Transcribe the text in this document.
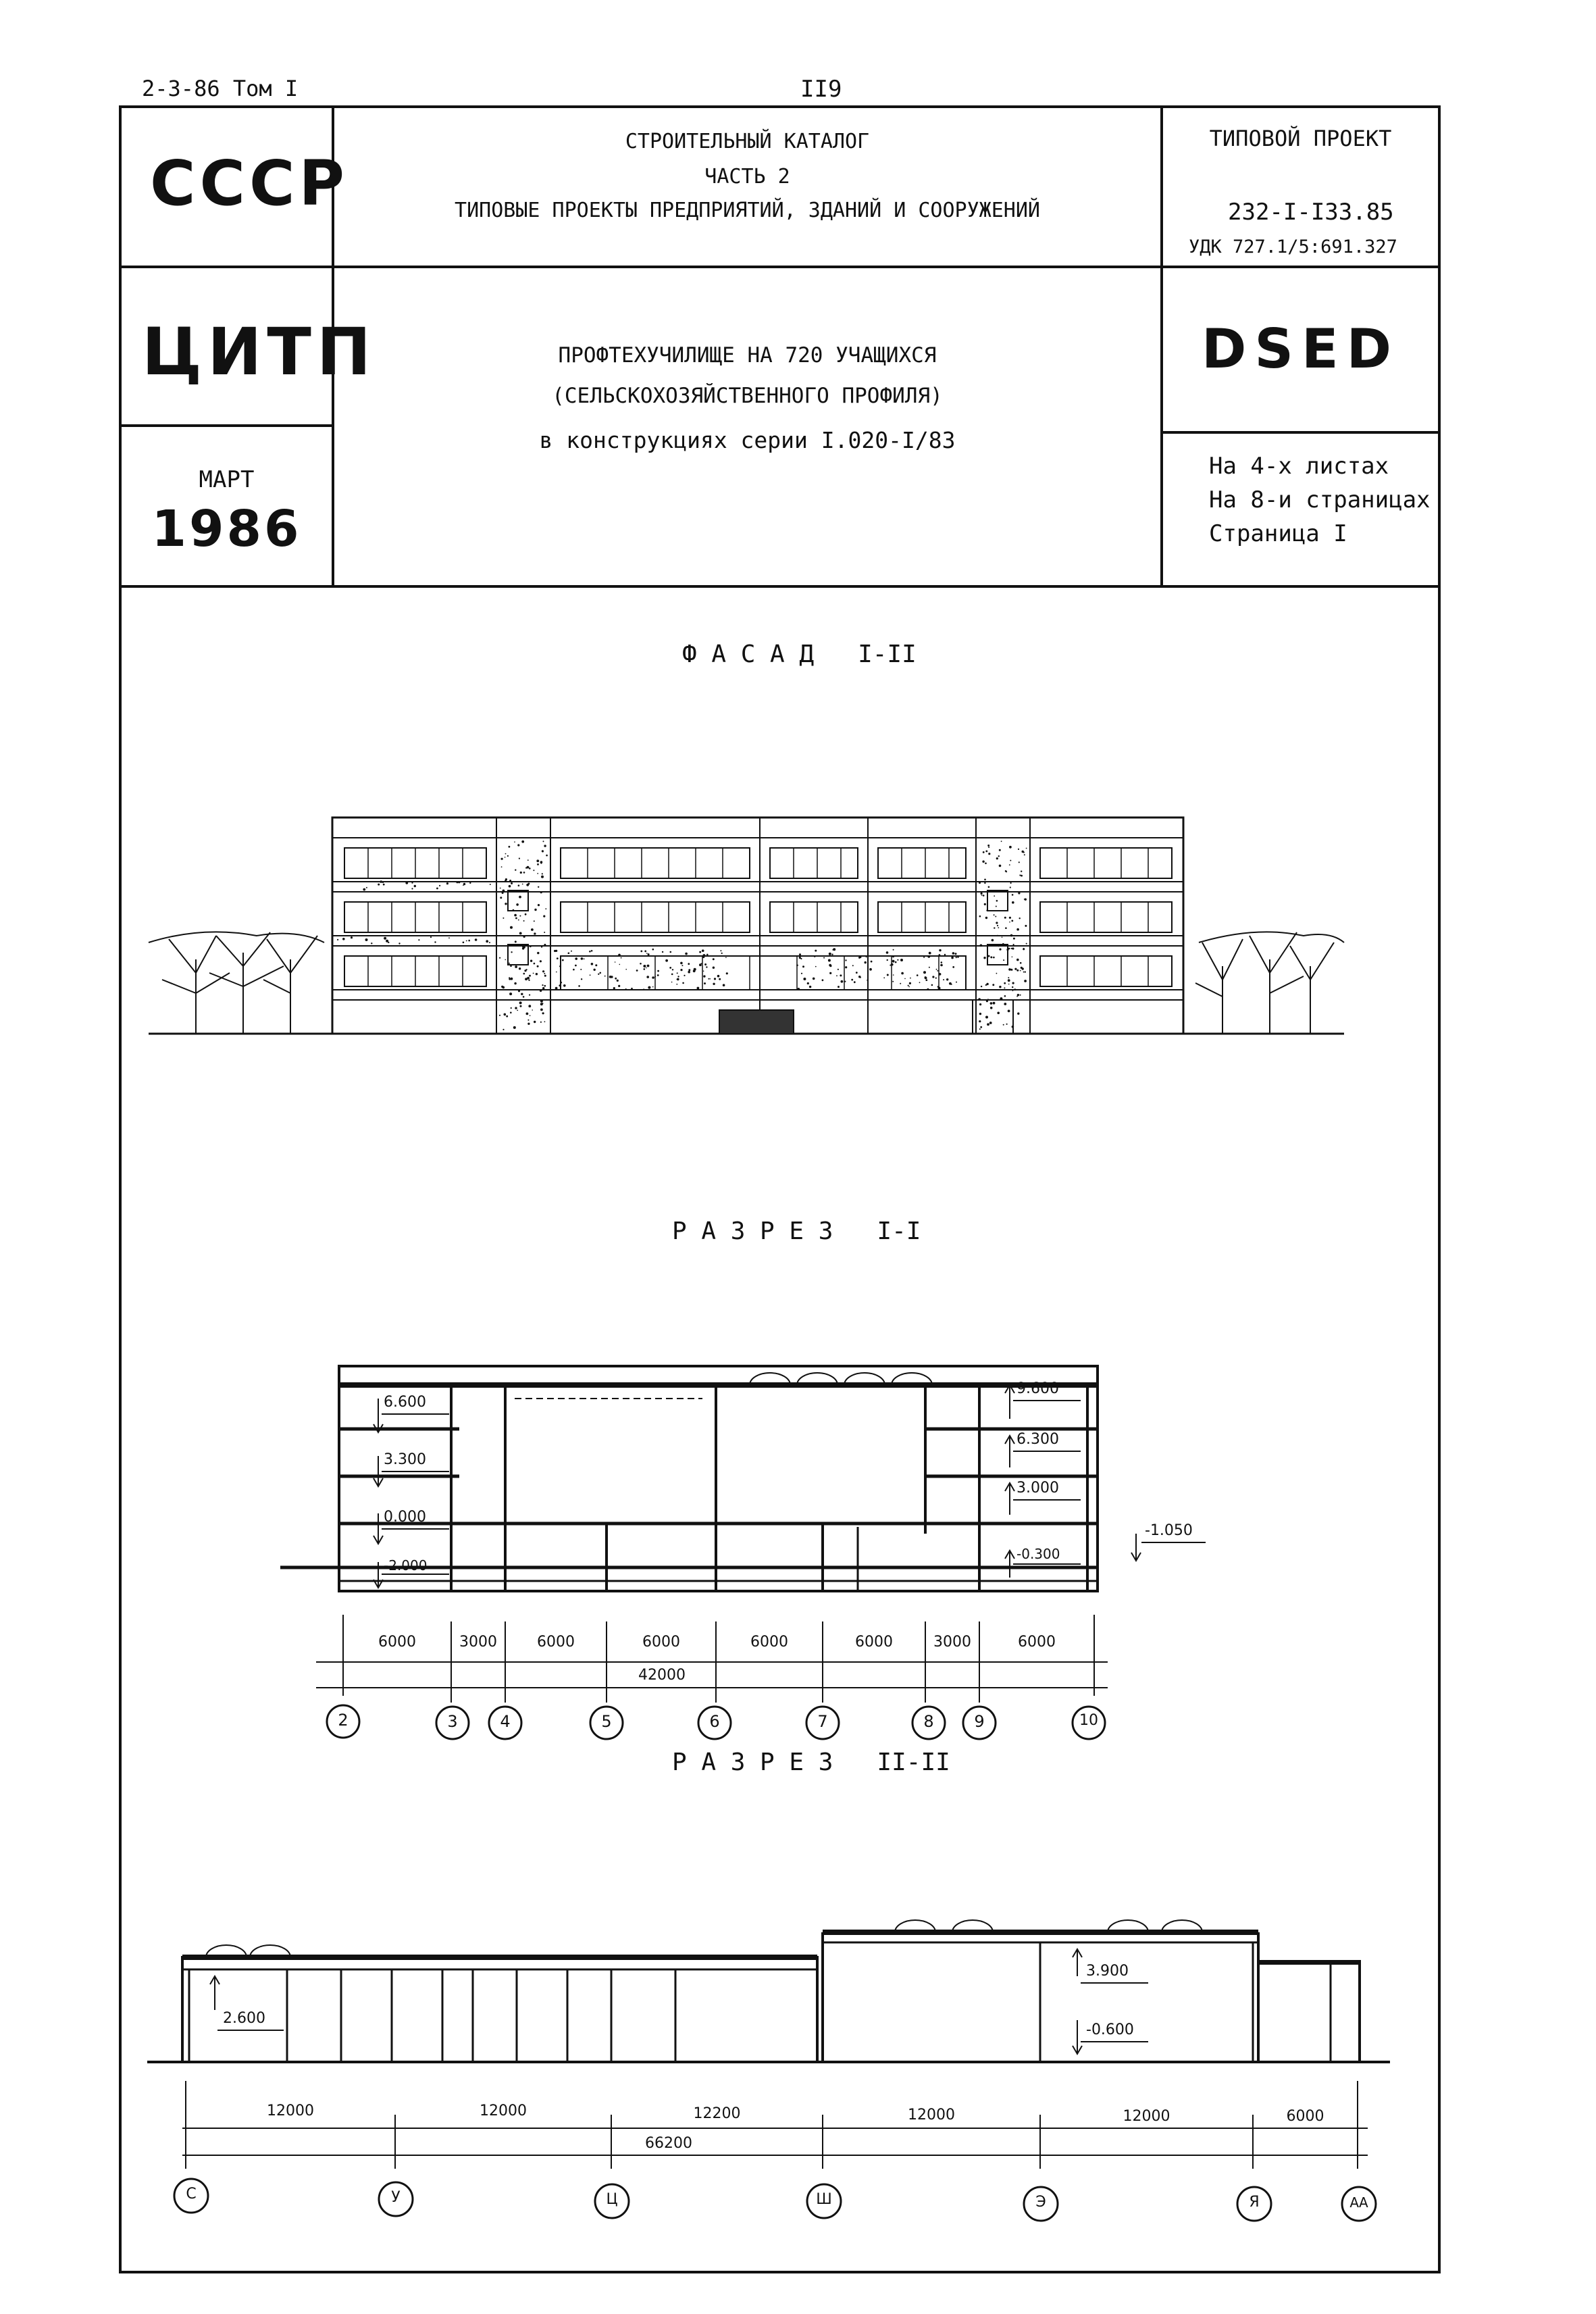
2-3-86 Том I	II9
СССР
СТРОИТЕЛЬНЫЙ КАТАЛОГ
ЧАСТЬ 2
ТИПОВЫЕ ПРОЕКТЫ ПРЕДПРИЯТИЙ, ЗДАНИЙ И СООРУЖЕНИЙ
ТИПОВОЙ ПРОЕКТ
232-I-I33.85
УДК 727.1/5:691.327
ЦИТП	ПРОФТЕХУЧИЛИЩЕ НА 720 УЧАЩИХСЯ
(СЕЛЬСКОХОЗЯЙСТВЕННОГО ПРОФИЛЯ)
в конструкциях серии I.020-I/83
DSED
МАРТ
1986
На 4-х листах
На 8-и страницах
Страница I
Ф А С А Д   I-II
Р А З Р Е З   I-I
Р А З Р Е З   II-II
6.600
3.300
0.000
-2.000
9.600
6.300
3.000
-0.300
-1.050
6000	3000	6000	6000	6000	6000	3000	6000
42000
2	3	4	5	6	7	8	9	10
2.600
3.900
-0.600
12000	12000	12200	12000	12000	6000
66200
С	У	Ц	Ш	Э	Я	АА
